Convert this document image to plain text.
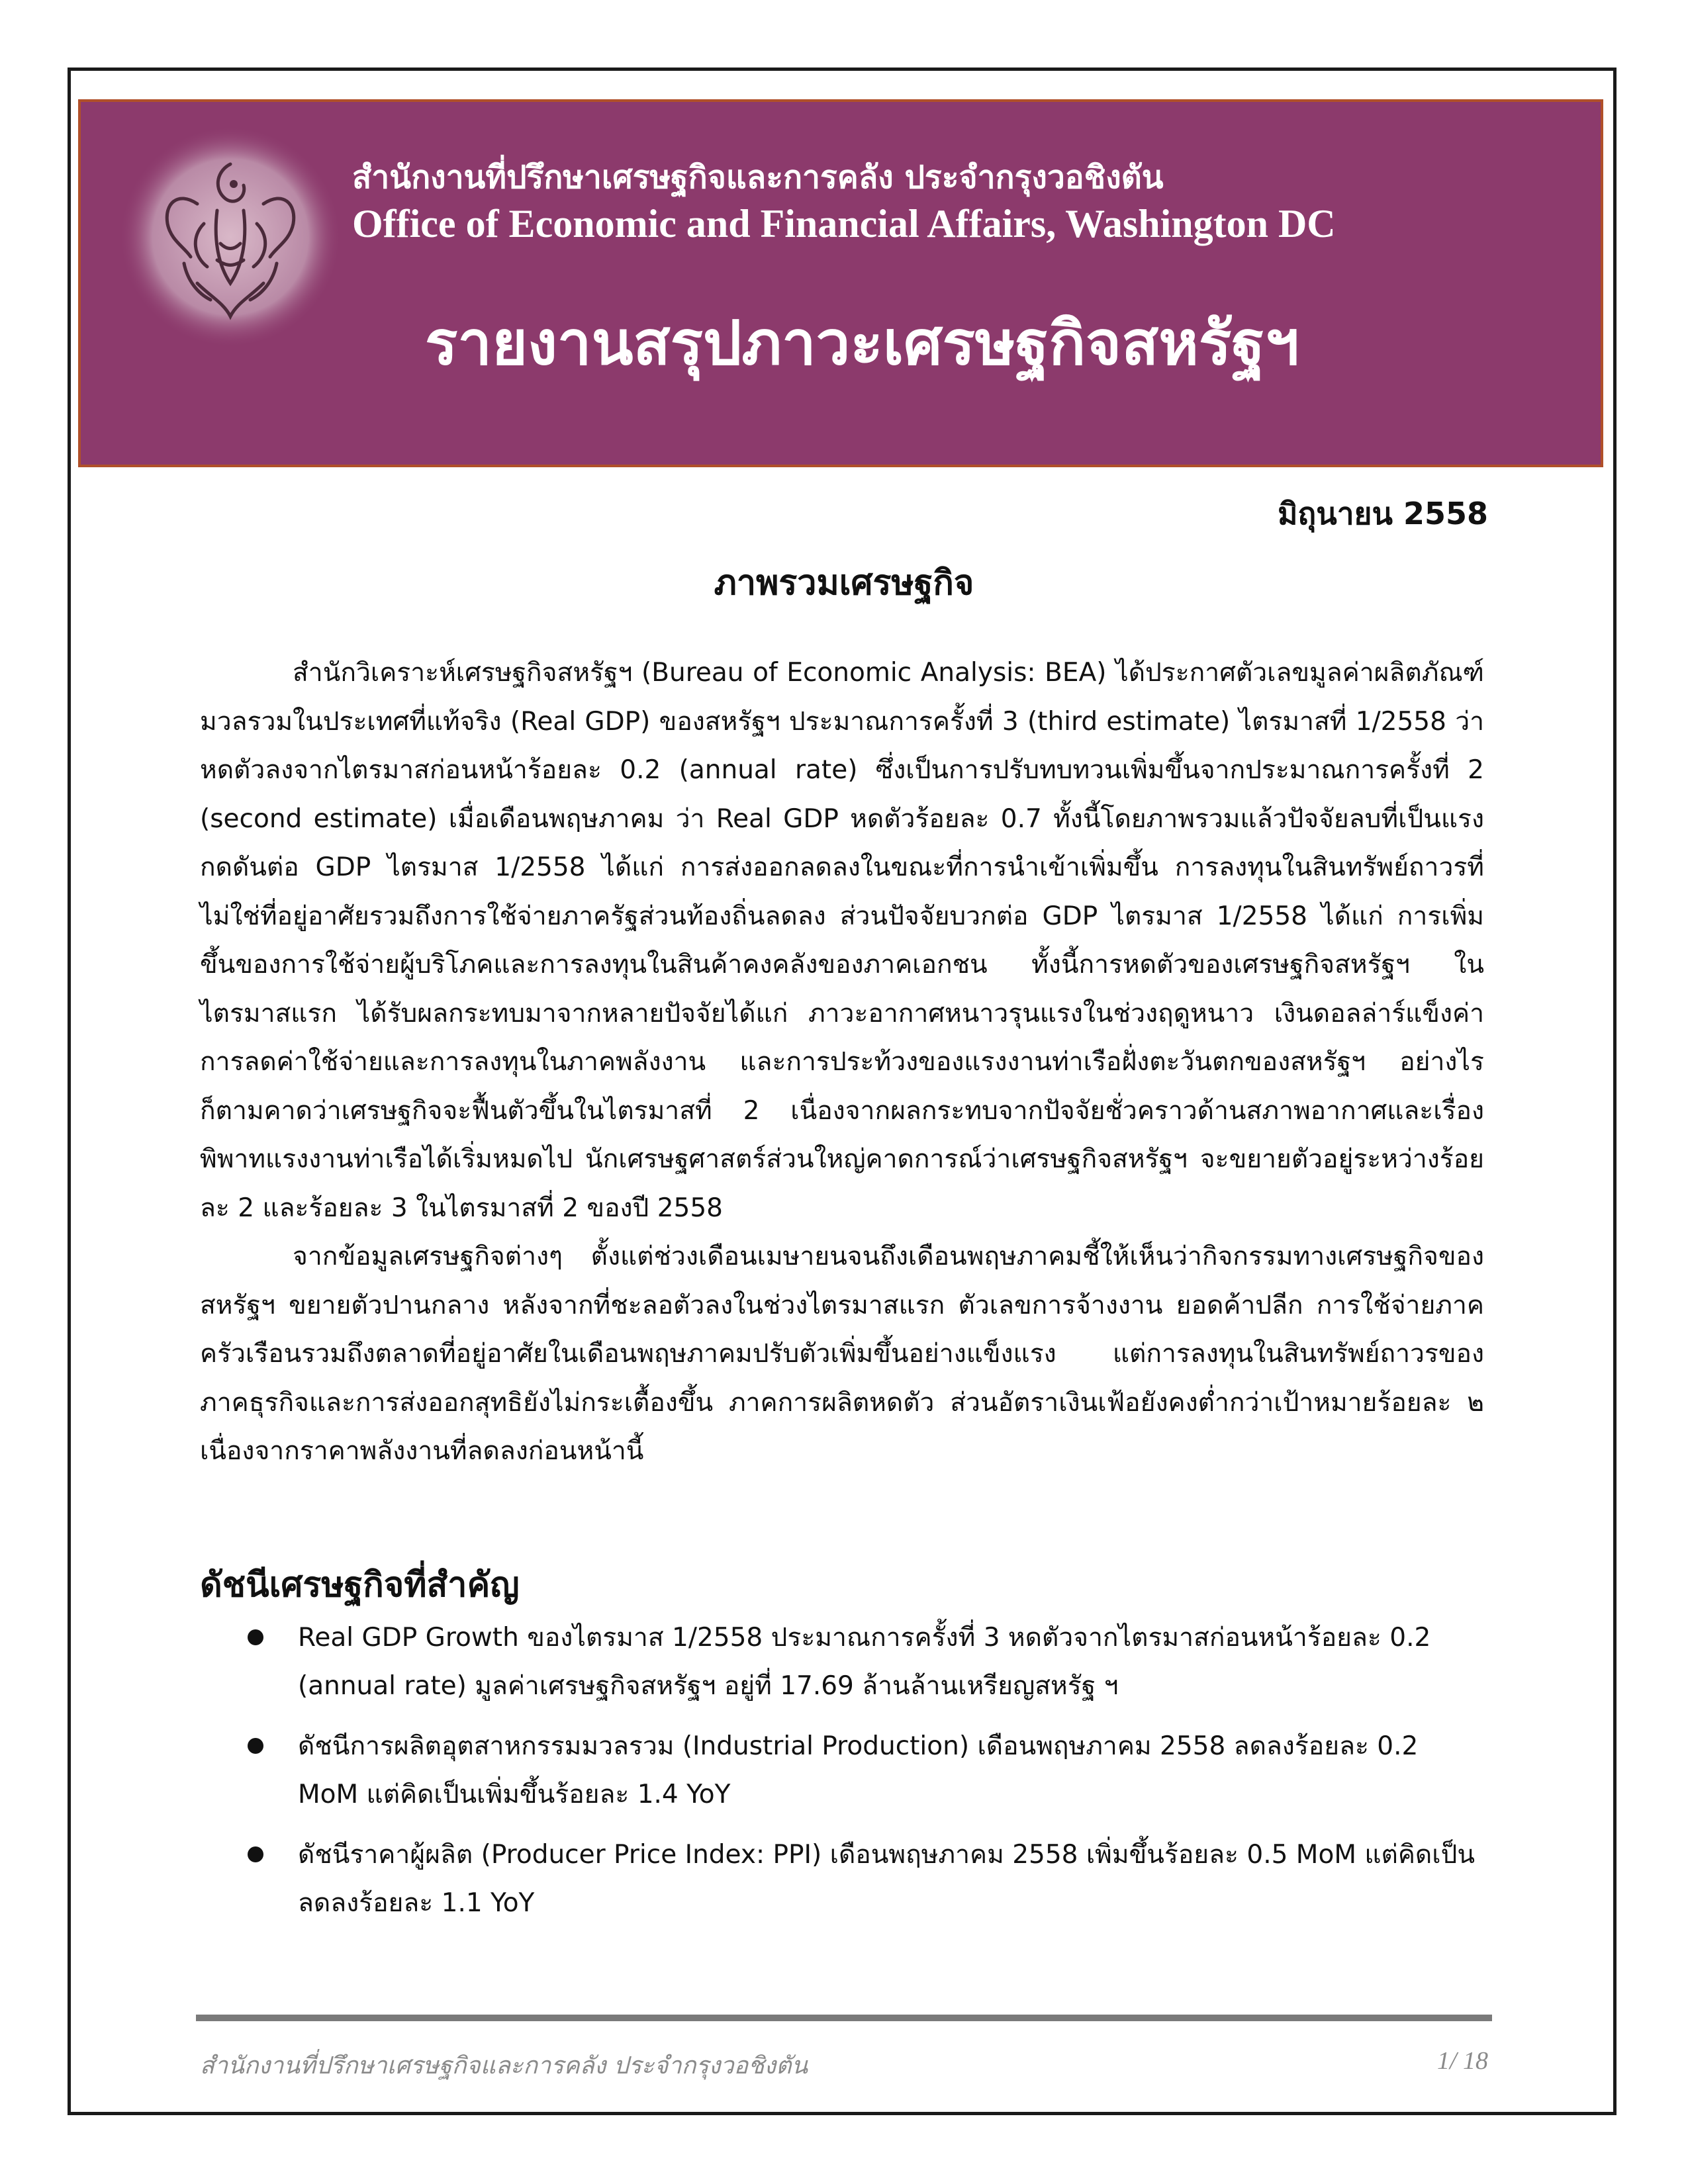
สำนักงานที่ปรึกษาเศรษฐกิจและการคลัง ประจำกรุงวอชิงตัน
Office of Economic and Financial Affairs, Washington DC
รายงานสรุปภาวะเศรษฐกิจสหรัฐฯ
มิถุนายน 2558
ภาพรวมเศรษฐกิจ

สำนักวิเคราะห์เศรษฐกิจสหรัฐฯ (Bureau of Economic Analysis: BEA) ได้ประกาศตัวเลขมูลค่าผลิตภัณฑ์มวลรวมในประเทศที่แท้จริง (Real GDP) ของสหรัฐฯ ประมาณการครั้งที่ 3 (third estimate) ไตรมาสที่ 1/2558 ว่าหดตัวลงจากไตรมาสก่อนหน้าร้อยละ 0.2 (annual rate) ซึ่งเป็นการปรับทบทวนเพิ่มขึ้นจากประมาณการครั้งที่ 2 (second estimate) เมื่อเดือนพฤษภาคม ว่า Real GDP หดตัวร้อยละ 0.7 ทั้งนี้โดยภาพรวมแล้วปัจจัยลบที่เป็นแรงกดดันต่อ GDP ไตรมาส 1/2558 ได้แก่ การส่งออกลดลงในขณะที่การนำเข้าเพิ่มขึ้น การลงทุนในสินทรัพย์ถาวรที่ไม่ใช่ที่อยู่อาศัยรวมถึงการใช้จ่ายภาครัฐส่วนท้องถิ่นลดลง ส่วนปัจจัยบวกต่อ GDP ไตรมาส 1/2558 ได้แก่ การเพิ่มขึ้นของการใช้จ่ายผู้บริโภคและการลงทุนในสินค้าคงคลังของภาคเอกชน ทั้งนี้การหดตัวของเศรษฐกิจสหรัฐฯ ในไตรมาสแรก ได้รับผลกระทบมาจากหลายปัจจัยได้แก่ ภาวะอากาศหนาวรุนแรงในช่วงฤดูหนาว เงินดอลล่าร์แข็งค่า การลดค่าใช้จ่ายและการลงทุนในภาคพลังงาน และการประท้วงของแรงงานท่าเรือฝั่งตะวันตกของสหรัฐฯ อย่างไรก็ตามคาดว่าเศรษฐกิจจะฟื้นตัวขึ้นในไตรมาสที่ 2 เนื่องจากผลกระทบจากปัจจัยชั่วคราวด้านสภาพอากาศและเรื่องพิพาทแรงงานท่าเรือได้เริ่มหมดไป นักเศรษฐศาสตร์ส่วนใหญ่คาดการณ์ว่าเศรษฐกิจสหรัฐฯ จะขยายตัวอยู่ระหว่างร้อยละ 2 และร้อยละ 3 ในไตรมาสที่ 2 ของปี 2558

จากข้อมูลเศรษฐกิจต่างๆ ตั้งแต่ช่วงเดือนเมษายนจนถึงเดือนพฤษภาคมชี้ให้เห็นว่ากิจกรรมทางเศรษฐกิจของสหรัฐฯ ขยายตัวปานกลาง หลังจากที่ชะลอตัวลงในช่วงไตรมาสแรก ตัวเลขการจ้างงาน ยอดค้าปลีก การใช้จ่ายภาคครัวเรือนรวมถึงตลาดที่อยู่อาศัยในเดือนพฤษภาคมปรับตัวเพิ่มขึ้นอย่างแข็งแรง แต่การลงทุนในสินทรัพย์ถาวรของภาคธุรกิจและการส่งออกสุทธิยังไม่กระเตื้องขึ้น ภาคการผลิตหดตัว ส่วนอัตราเงินเฟ้อยังคงต่ำกว่าเป้าหมายร้อยละ ๒ เนื่องจากราคาพลังงานที่ลดลงก่อนหน้านี้

ดัชนีเศรษฐกิจที่สำคัญ
Real GDP Growth ของไตรมาส 1/2558 ประมาณการครั้งที่ 3 หดตัวจากไตรมาสก่อนหน้าร้อยละ 0.2 (annual rate) มูลค่าเศรษฐกิจสหรัฐฯ อยู่ที่ 17.69 ล้านล้านเหรียญสหรัฐ ฯ
ดัชนีการผลิตอุตสาหกรรมมวลรวม (Industrial Production) เดือนพฤษภาคม 2558 ลดลงร้อยละ 0.2 MoM แต่คิดเป็นเพิ่มขึ้นร้อยละ 1.4 YoY
ดัชนีราคาผู้ผลิต (Producer Price Index: PPI) เดือนพฤษภาคม 2558 เพิ่มขึ้นร้อยละ 0.5 MoM แต่คิดเป็นลดลงร้อยละ 1.1 YoY
สำนักงานที่ปรึกษาเศรษฐกิจและการคลัง ประจำกรุงวอชิงตัน	1/ 18
